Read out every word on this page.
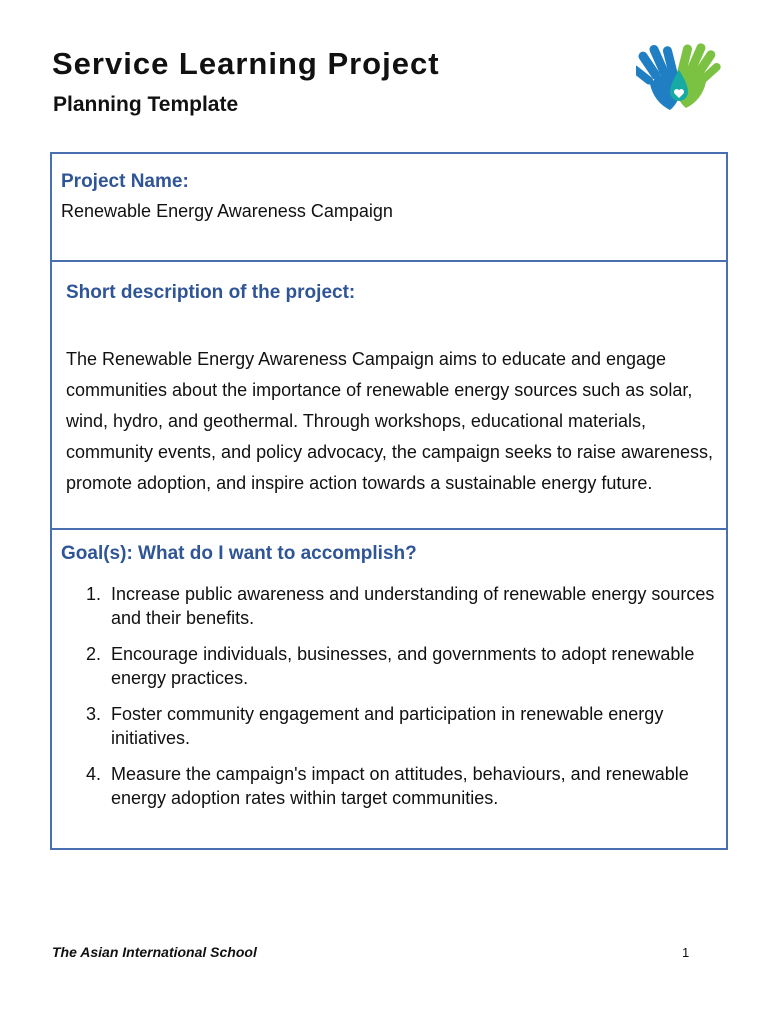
Service Learning Project
Planning Template
Project Name:
Renewable Energy Awareness Campaign
Short description of the project:

The Renewable Energy Awareness Campaign aims to educate and engage communities about the importance of renewable energy sources such as solar, wind, hydro, and geothermal. Through workshops, educational materials, community events, and policy advocacy, the campaign seeks to raise awareness, promote adoption, and inspire action towards a sustainable energy future.

Goal(s): What do I want to accomplish?
1. Increase public awareness and understanding of renewable energy sources and their benefits.
2. Encourage individuals, businesses, and governments to adopt renewable energy practices.
3. Foster community engagement and participation in renewable energy initiatives.
4. Measure the campaign's impact on attitudes, behaviours, and renewable energy adoption rates within target communities.
The Asian International School	1
